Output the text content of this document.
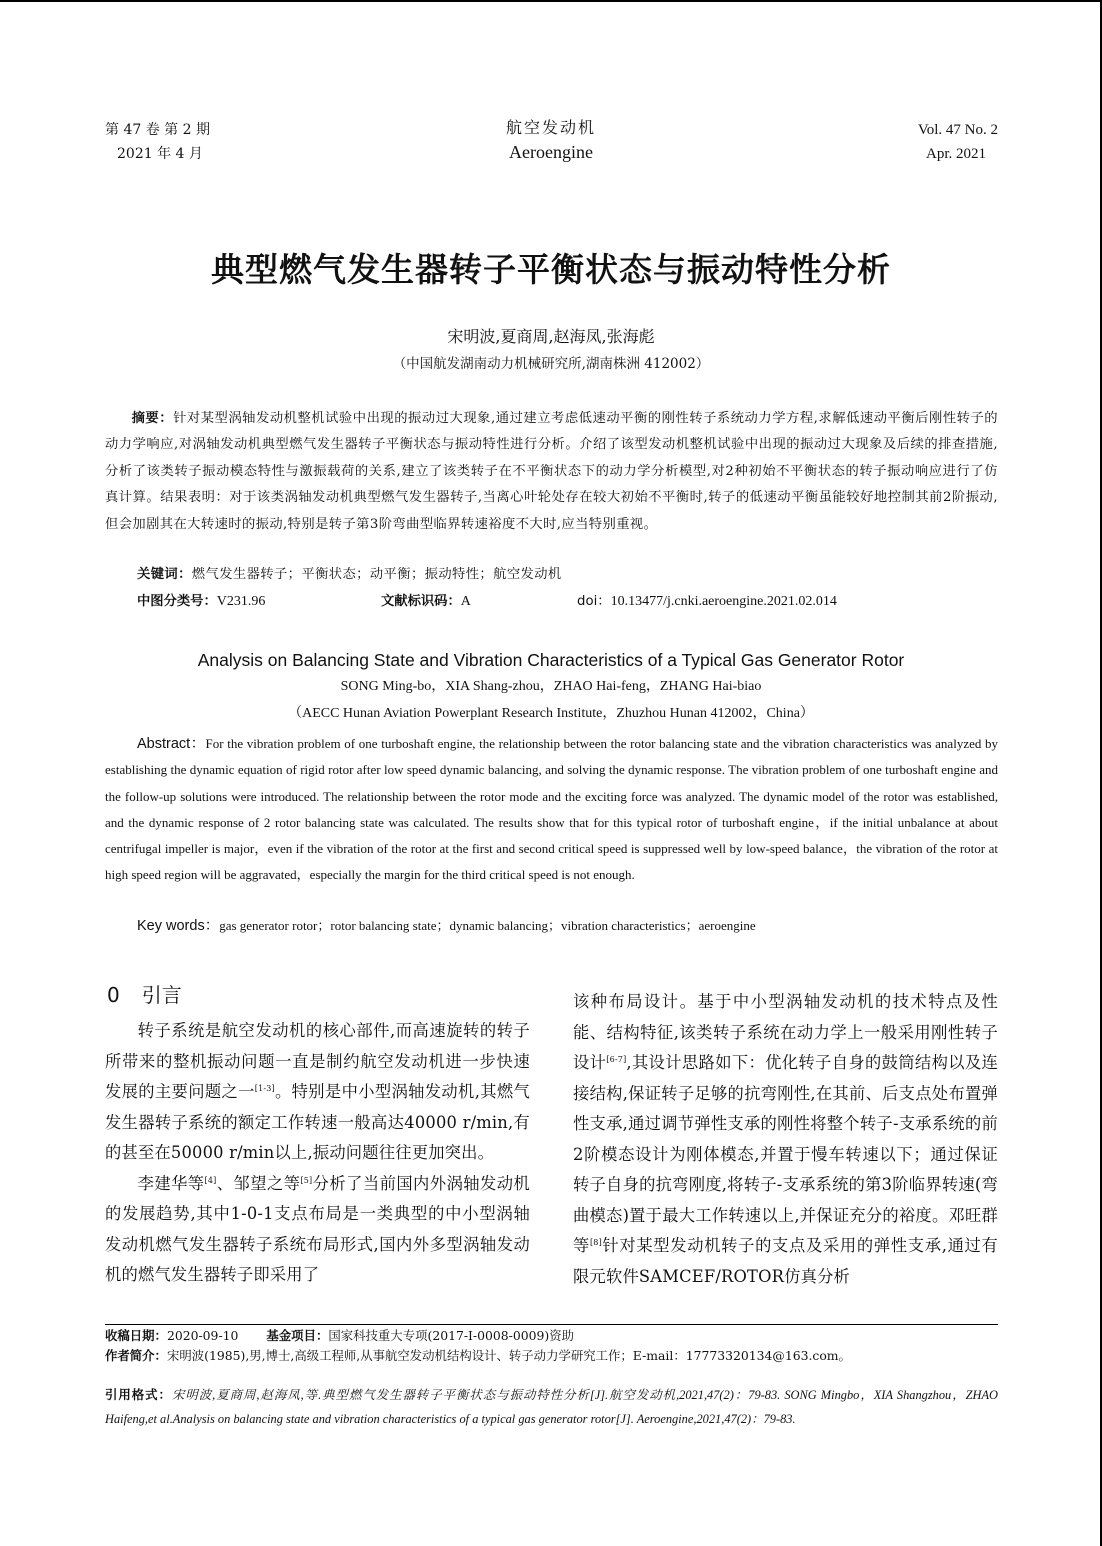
第 47 卷 第 2 期
2021 年 4 月
航空发动机
Aeroengine
Vol. 47 No. 2
Apr. 2021
典型燃气发生器转子平衡状态与振动特性分析
宋明波,夏商周,赵海凤,张海彪
（中国航发湖南动力机械研究所,湖南株洲 412002）
摘要：针对某型涡轴发动机整机试验中出现的振动过大现象,通过建立考虑低速动平衡的刚性转子系统动力学方程,求解低速动平衡后刚性转子的动力学响应,对涡轴发动机典型燃气发生器转子平衡状态与振动特性进行分析。介绍了该型发动机整机试验中出现的振动过大现象及后续的排查措施,分析了该类转子振动模态特性与激振载荷的关系,建立了该类转子在不平衡状态下的动力学分析模型,对2种初始不平衡状态的转子振动响应进行了仿真计算。结果表明：对于该类涡轴发动机典型燃气发生器转子,当离心叶轮处存在较大初始不平衡时,转子的低速动平衡虽能较好地控制其前2阶振动,但会加剧其在大转速时的振动,特别是转子第3阶弯曲型临界转速裕度不大时,应当特别重视。
关键词：燃气发生器转子；平衡状态；动平衡；振动特性；航空发动机
中图分类号：V231.96	文献标识码：A	doi：10.13477/j.cnki.aeroengine.2021.02.014
Analysis on Balancing State and Vibration Characteristics of a Typical Gas Generator Rotor
SONG Ming-bo，XIA Shang-zhou，ZHAO Hai-feng，ZHANG Hai-biao
（AECC Hunan Aviation Powerplant Research Institute，Zhuzhou Hunan 412002，China）
Abstract：For the vibration problem of one turboshaft engine, the relationship between the rotor balancing state and the vibration characteristics was analyzed by establishing the dynamic equation of rigid rotor after low speed dynamic balancing, and solving the dynamic response. The vibration problem of one turboshaft engine and the follow-up solutions were introduced. The relationship between the rotor mode and the exciting force was analyzed. The dynamic model of the rotor was established, and the dynamic response of 2 rotor balancing state was calculated. The results show that for this typical rotor of turboshaft engine，if the initial unbalance at about centrifugal impeller is major，even if the vibration of the rotor at the first and second critical speed is suppressed well by low-speed balance，the vibration of the rotor at high speed region will be aggravated，especially the margin for the third critical speed is not enough.
Key words：gas generator rotor；rotor balancing state；dynamic balancing；vibration characteristics；aeroengine
0 引言

转子系统是航空发动机的核心部件,而高速旋转的转子所带来的整机振动问题一直是制约航空发动机进一步快速发展的主要问题之一[1-3]。特别是中小型涡轴发动机,其燃气发生器转子系统的额定工作转速一般高达40000 r/min,有的甚至在50000 r/min以上,振动问题往往更加突出。

李建华等[4]、邹望之等[5]分析了当前国内外涡轴发动机的发展趋势,其中1-0-1支点布局是一类典型的中小型涡轴发动机燃气发生器转子系统布局形式,国内外多型涡轴发动机的燃气发生器转子即采用了

该种布局设计。基于中小型涡轴发动机的技术特点及性能、结构特征,该类转子系统在动力学上一般采用刚性转子设计[6-7],其设计思路如下：优化转子自身的鼓筒结构以及连接结构,保证转子足够的抗弯刚性,在其前、后支点处布置弹性支承,通过调节弹性支承的刚性将整个转子-支承系统的前2阶模态设计为刚体模态,并置于慢车转速以下；通过保证转子自身的抗弯刚度,将转子-支承系统的第3阶临界转速(弯曲模态)置于最大工作转速以上,并保证充分的裕度。邓旺群等[8]针对某型发动机转子的支点及采用的弹性支承,通过有限元软件SAMCEF/ROTOR仿真分析

收稿日期：2020-09-10 基金项目：国家科技重大专项(2017-I-0008-0009)资助
作者简介：宋明波(1985),男,博士,高级工程师,从事航空发动机结构设计、转子动力学研究工作；E-mail：17773320134@163.com。
引用格式：宋明波,夏商周,赵海凤,等.典型燃气发生器转子平衡状态与振动特性分析[J].航空发动机,2021,47(2)：79-83. SONG Mingbo，XIA Shangzhou，ZHAO Haifeng,et al.Analysis on balancing state and vibration characteristics of a typical gas generator rotor[J]. Aeroengine,2021,47(2)：79-83.
